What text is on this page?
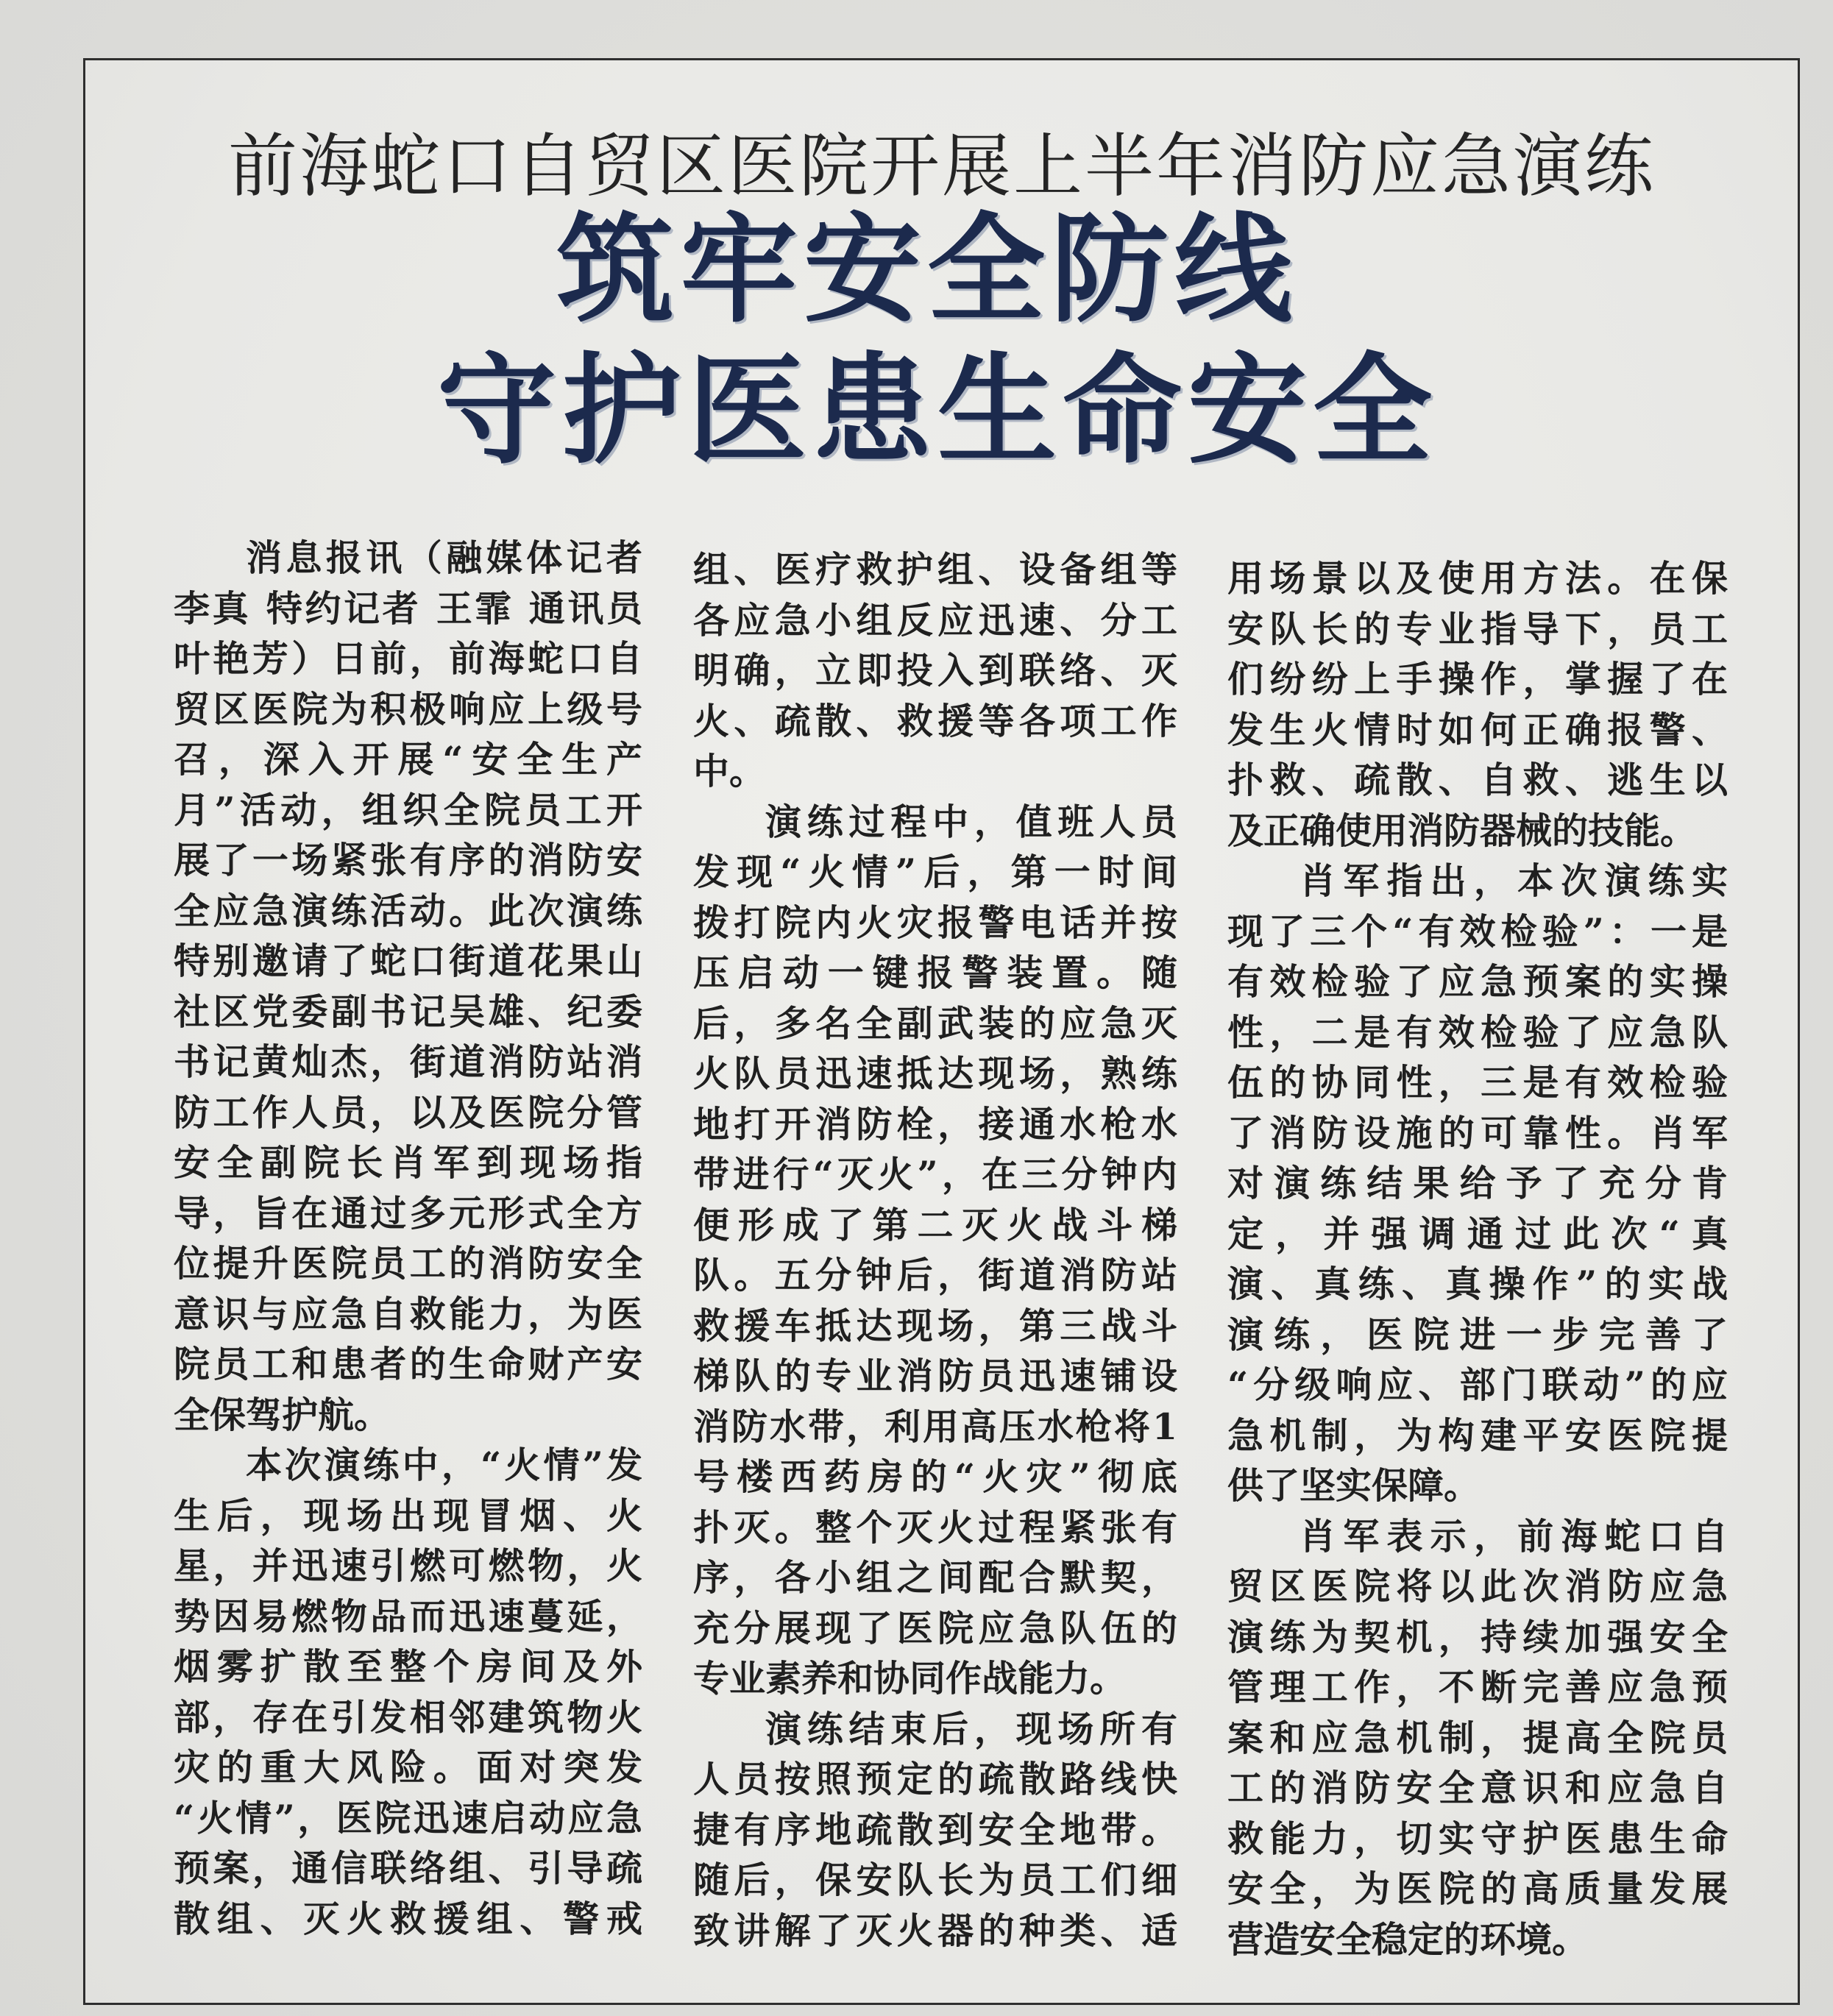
前海蛇口自贸区医院开展上半年消防应急演练
筑牢安全防线
守护医患生命安全
消息报讯（融媒体记者
李真 特约记者 王霏 通讯员
叶艳芳）日前，前海蛇口自
贸区医院为积极响应上级号
召，深入开展“安全生产
月”活动，组织全院员工开
展了一场紧张有序的消防安
全应急演练活动。此次演练
特别邀请了蛇口街道花果山
社区党委副书记吴雄、纪委
书记黄灿杰，街道消防站消
防工作人员，以及医院分管
安全副院长肖军到现场指
导，旨在通过多元形式全方
位提升医院员工的消防安全
意识与应急自救能力，为医
院员工和患者的生命财产安
全保驾护航。
本次演练中，“火情”发
生后，现场出现冒烟、火
星，并迅速引燃可燃物，火
势因易燃物品而迅速蔓延，
烟雾扩散至整个房间及外
部，存在引发相邻建筑物火
灾的重大风险。面对突发
“火情”，医院迅速启动应急
预案，通信联络组、引导疏
散组、灭火救援组、警戒
组、医疗救护组、设备组等
各应急小组反应迅速、分工
明确，立即投入到联络、灭
火、疏散、救援等各项工作
中。
演练过程中，值班人员
发现“火情”后，第一时间
拨打院内火灾报警电话并按
压启动一键报警装置。随
后，多名全副武装的应急灭
火队员迅速抵达现场，熟练
地打开消防栓，接通水枪水
带进行“灭火”，在三分钟内
便形成了第二灭火战斗梯
队。五分钟后，街道消防站
救援车抵达现场，第三战斗
梯队的专业消防员迅速铺设
消防水带，利用高压水枪将1
号楼西药房的“火灾”彻底
扑灭。整个灭火过程紧张有
序，各小组之间配合默契，
充分展现了医院应急队伍的
专业素养和协同作战能力。
演练结束后，现场所有
人员按照预定的疏散路线快
捷有序地疏散到安全地带。
随后，保安队长为员工们细
致讲解了灭火器的种类、适
用场景以及使用方法。在保
安队长的专业指导下，员工
们纷纷上手操作，掌握了在
发生火情时如何正确报警、
扑救、疏散、自救、逃生以
及正确使用消防器械的技能。
肖军指出，本次演练实
现了三个“有效检验”：一是
有效检验了应急预案的实操
性，二是有效检验了应急队
伍的协同性，三是有效检验
了消防设施的可靠性。肖军
对演练结果给予了充分肯
定，并强调通过此次“真
演、真练、真操作”的实战
演练，医院进一步完善了
“分级响应、部门联动”的应
急机制，为构建平安医院提
供了坚实保障。
肖军表示，前海蛇口自
贸区医院将以此次消防应急
演练为契机，持续加强安全
管理工作，不断完善应急预
案和应急机制，提高全院员
工的消防安全意识和应急自
救能力，切实守护医患生命
安全，为医院的高质量发展
营造安全稳定的环境。
